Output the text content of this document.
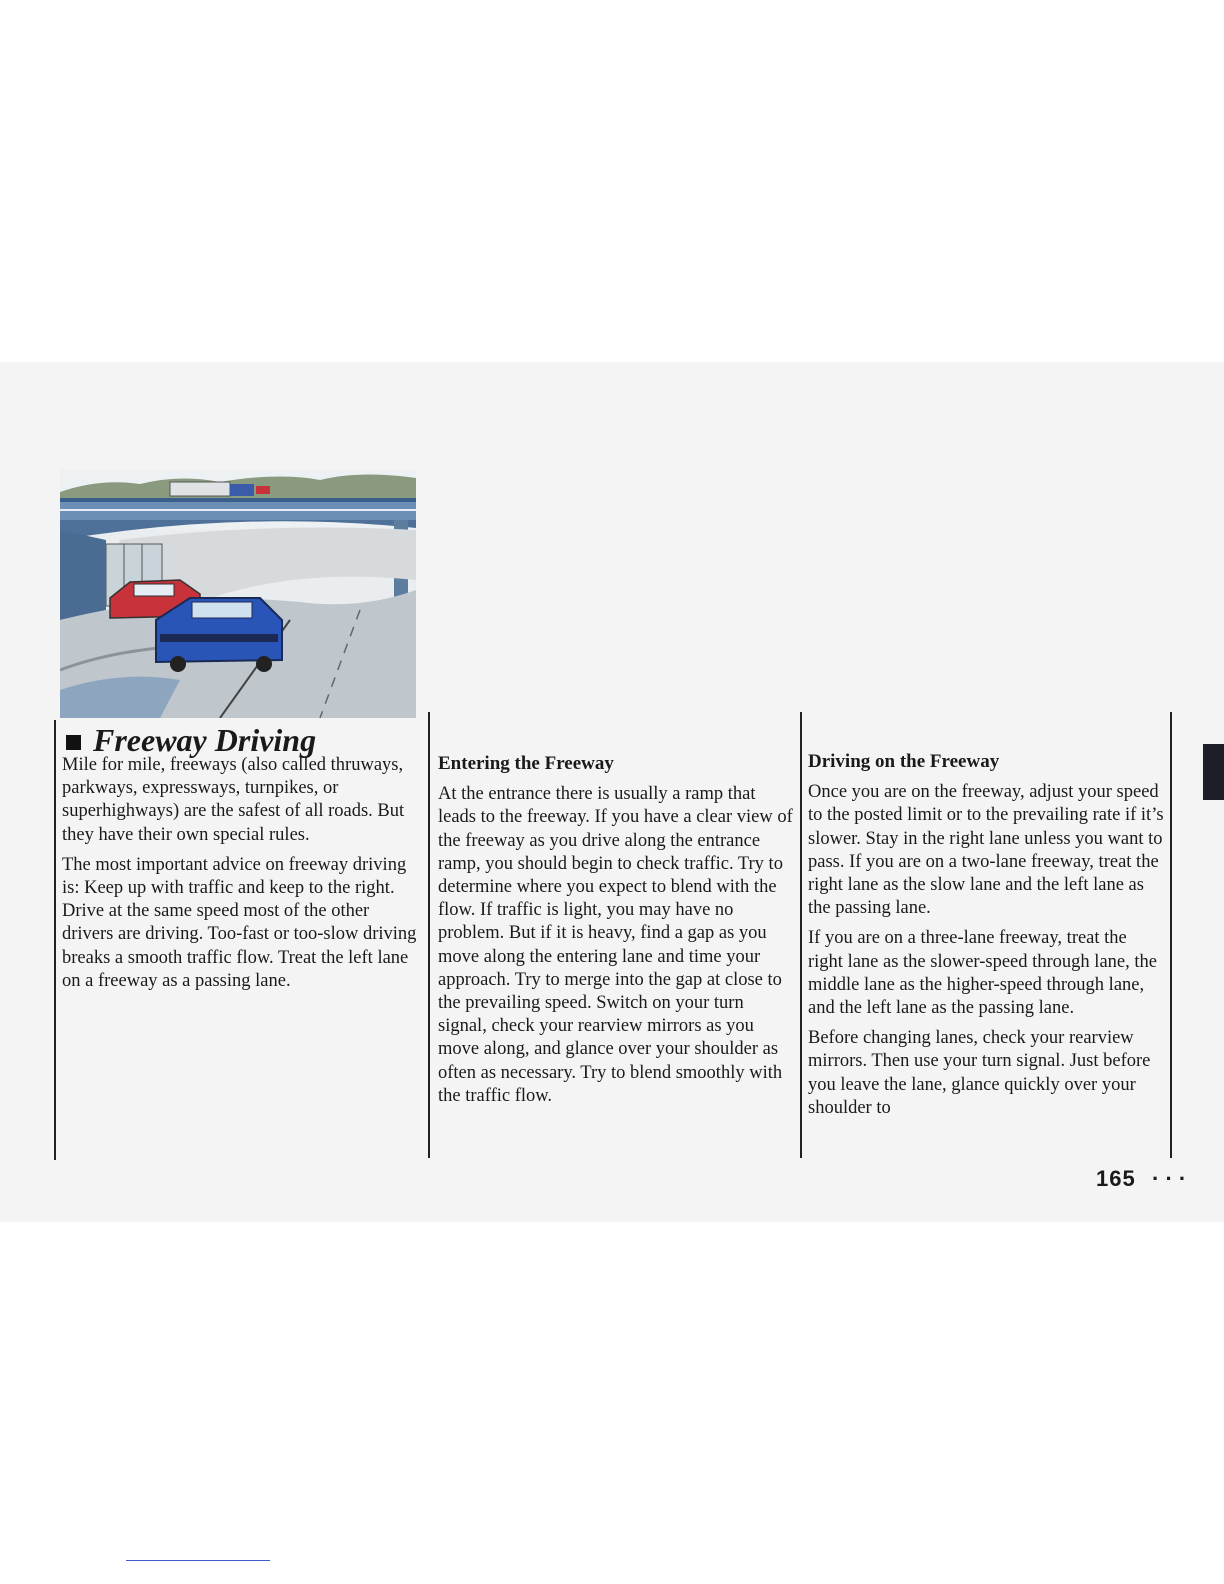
Freeway Driving

Mile for mile, freeways (also called thruways, parkways, expressways, turnpikes, or superhighways) are the safest of all roads. But they have their own special rules.

The most important advice on freeway driving is: Keep up with traffic and keep to the right. Drive at the same speed most of the other drivers are driving. Too-fast or too-slow driving breaks a smooth traffic flow. Treat the left lane on a freeway as a passing lane.

Entering the Freeway

At the entrance there is usually a ramp that leads to the freeway. If you have a clear view of the freeway as you drive along the entrance ramp, you should begin to check traffic. Try to determine where you expect to blend with the flow. If traffic is light, you may have no problem. But if it is heavy, find a gap as you move along the entering lane and time your approach. Try to merge into the gap at close to the prevailing speed. Switch on your turn signal, check your rearview mirrors as you move along, and glance over your shoulder as often as necessary. Try to blend smoothly with the traffic flow.

Driving on the Freeway

Once you are on the freeway, adjust your speed to the posted limit or to the prevailing rate if it’s slower. Stay in the right lane unless you want to pass. If you are on a two-lane freeway, treat the right lane as the slow lane and the left lane as the passing lane.

If you are on a three-lane freeway, treat the right lane as the slower-speed through lane, the middle lane as the higher-speed through lane, and the left lane as the passing lane.

Before changing lanes, check your rearview mirrors. Then use your turn signal. Just before you leave the lane, glance quickly over your shoulder to

165 · · ·
